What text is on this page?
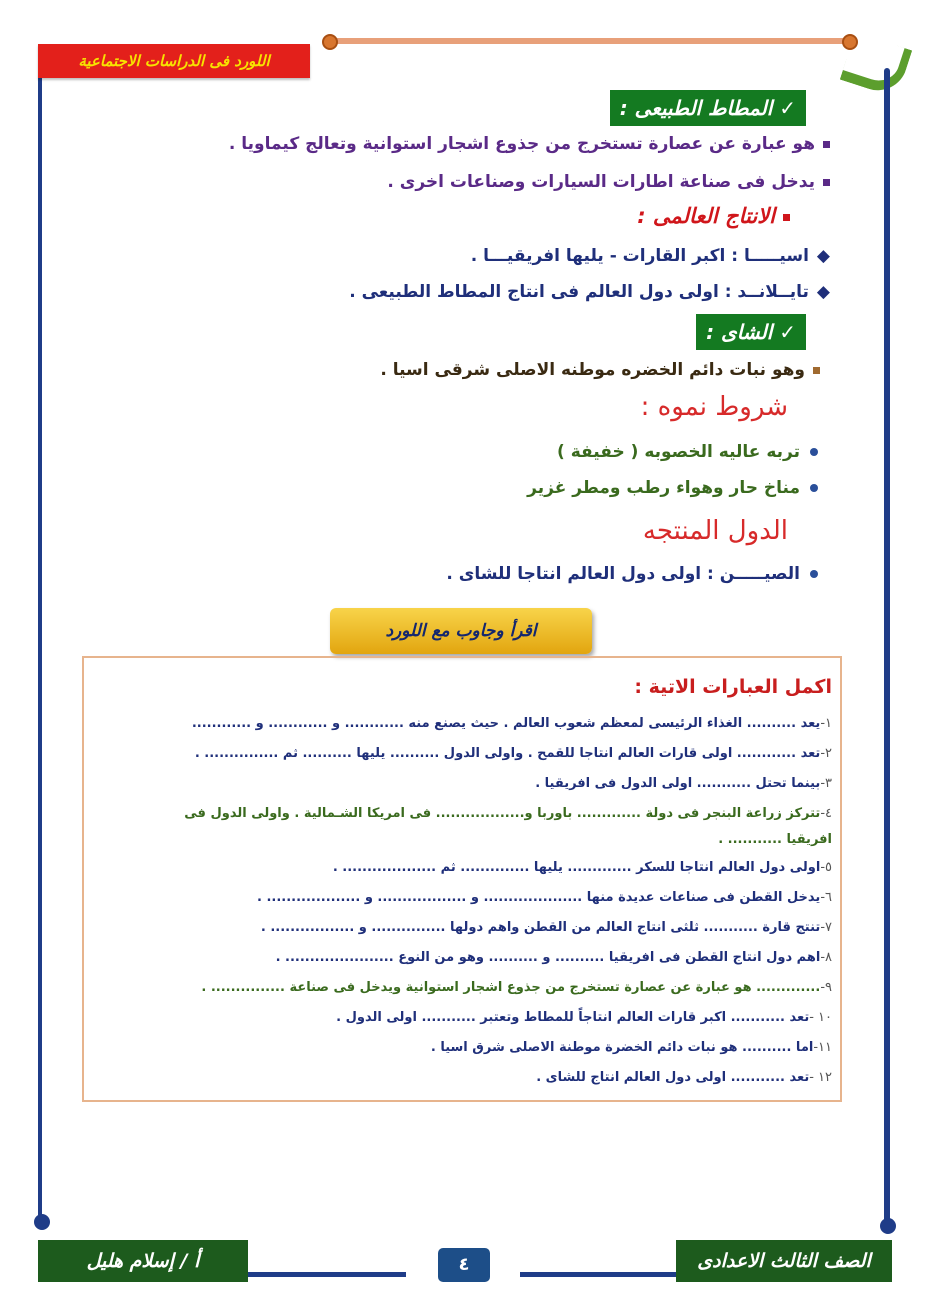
اللورد فى الدراسات الاجتماعية
✓ المطاط الطبيعى :
هو عبارة عن عصارة تستخرج من جذوع اشجار استوانية وتعالج كيماويا .
يدخل فى صناعة اطارات السيارات وصناعات اخرى .
الانتاج العالمى :
◆اسيـــــا : اكبر القارات - يليها افريقيـــا .
◆تايــلانــد : اولى دول العالم فى انتاج المطاط الطبيعى .
✓ الشاى :
وهو نبات دائم الخضره موطنه الاصلى شرقى اسيا .
شروط نموه :
تربه عاليه الخصوبه ( خفيفة )
مناخ حار وهواء رطب ومطر غزير
الدول المنتجه
الصيـــــن : اولى دول العالم انتاجا للشاى .
اقرأ وجاوب مع اللورد
اكمل العبارات الاتية :
١-يعد .......... الغذاء الرئيسى لمعظم شعوب العالم . حيث يصنع منه ............ و ............ و ............
٢-تعد ............ اولى قارات العالم انتاجا للقمح . واولى الدول .......... يليها .......... ثم ............... .
٣-بينما تحتل ........... اولى الدول فى افريقيا .
٤-تتركز زراعة البنجر فى دولة ............. باوربا و.................. فى امريكا الشـمالية . واولى الدول فى
افريقيا ........... .
٥-اولى دول العالم انتاجا للسكر ............. يليها .............. ثم ................... .
٦-يدخل القطن فى صناعات عديدة منها .................... و .................. و ................... .
٧-تنتج قارة ........... ثلثى انتاج العالم من القطن واهم دولها ............... و ................. .
٨-اهم دول انتاج القطن فى افريقيا .......... و .......... وهو من النوع ...................... .
٩-............. هو عبارة عن عصارة تستخرج من جذوع اشجار استوانية ويدخل فى صناعة ............... .
١٠ -تعد ........... اكبر قارات العالم انتاجاً للمطاط وتعتبر ........... اولى الدول .
١١-اما .......... هو نبات دائم الخضرة موطنة الاصلى شرق اسيا .
١٢ -تعد ........... اولى دول العالم انتاج للشاى .
الصف الثالث الاعدادى
٤
أ / إسلام هليل
